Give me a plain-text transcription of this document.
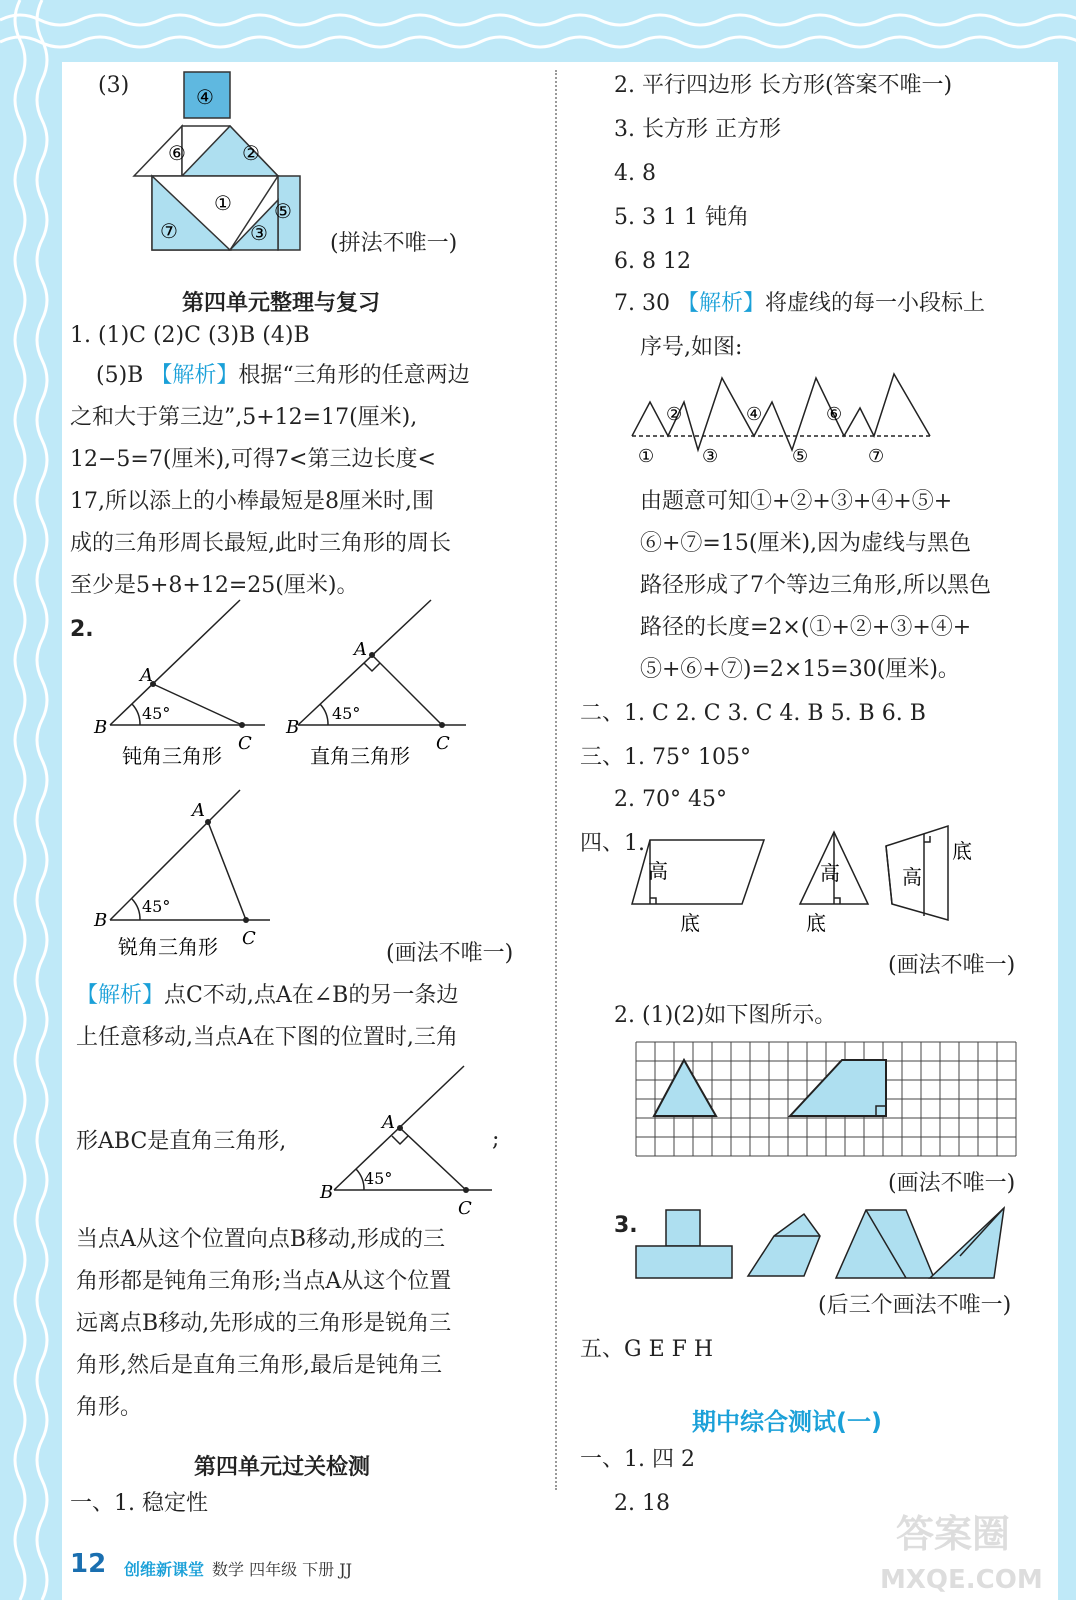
(3)	④
⑥	②
① ⑤
⑦	③	(拼法不唯一)
第四单元整理与复习
1. (1)C (2)C (3)B (4)B
(5)B 【解析】根据“三角形的任意两边
之和大于第三边”,5+12=17(厘米),
12−5=7(厘米),可得7<第三边长度<
17,所以添上的小棒最短是8厘米时,围
成的三角形周长最短,此时三角形的周长
至少是5+8+12=25(厘米)。
2.
A
B
C
45°
钝角三角形
A
B
C
45°
直角三角形
A
B
C
45°
锐角三角形	(画法不唯一)
【解析】点C不动,点A在∠B的另一条边
上任意移动,当点A在下图的位置时,三角
形ABC是直角三角形,
A
B
C
45°
;
当点A从这个位置向点B移动,形成的三
角形都是钝角三角形;当点A从这个位置
远离点B移动,先形成的三角形是锐角三
角形,然后是直角三角形,最后是钝角三
角形。
第四单元过关检测
一、1. 稳定性
2. 平行四边形 长方形(答案不唯一)
3. 长方形 正方形
4. 8
5. 3 1 1 钝角
6. 8 12
7. 30 【解析】将虚线的每一小段标上
序号,如图:
①
②
③
④
⑤
⑥
⑦
由题意可知①+②+③+④+⑤+
⑥+⑦=15(厘米),因为虚线与黑色
路径形成了7个等边三角形,所以黑色
路径的长度=2×(①+②+③+④+
⑤+⑥+⑦)=2×15=30(厘米)。
二、1. C 2. C 3. C 4. B 5. B 6. B
三、1. 75° 105°
2. 70° 45°
四、1.
高
底
高
底
高
底
(画法不唯一)
2. (1)(2)如下图所示。
(画法不唯一)
3.
(后三个画法不唯一)
五、G E F H
期中综合测试(一)
一、1. 四 2
2. 18
12 创维新课堂 数学 四年级 下册 JJ
答案圈
MXQE.COM
